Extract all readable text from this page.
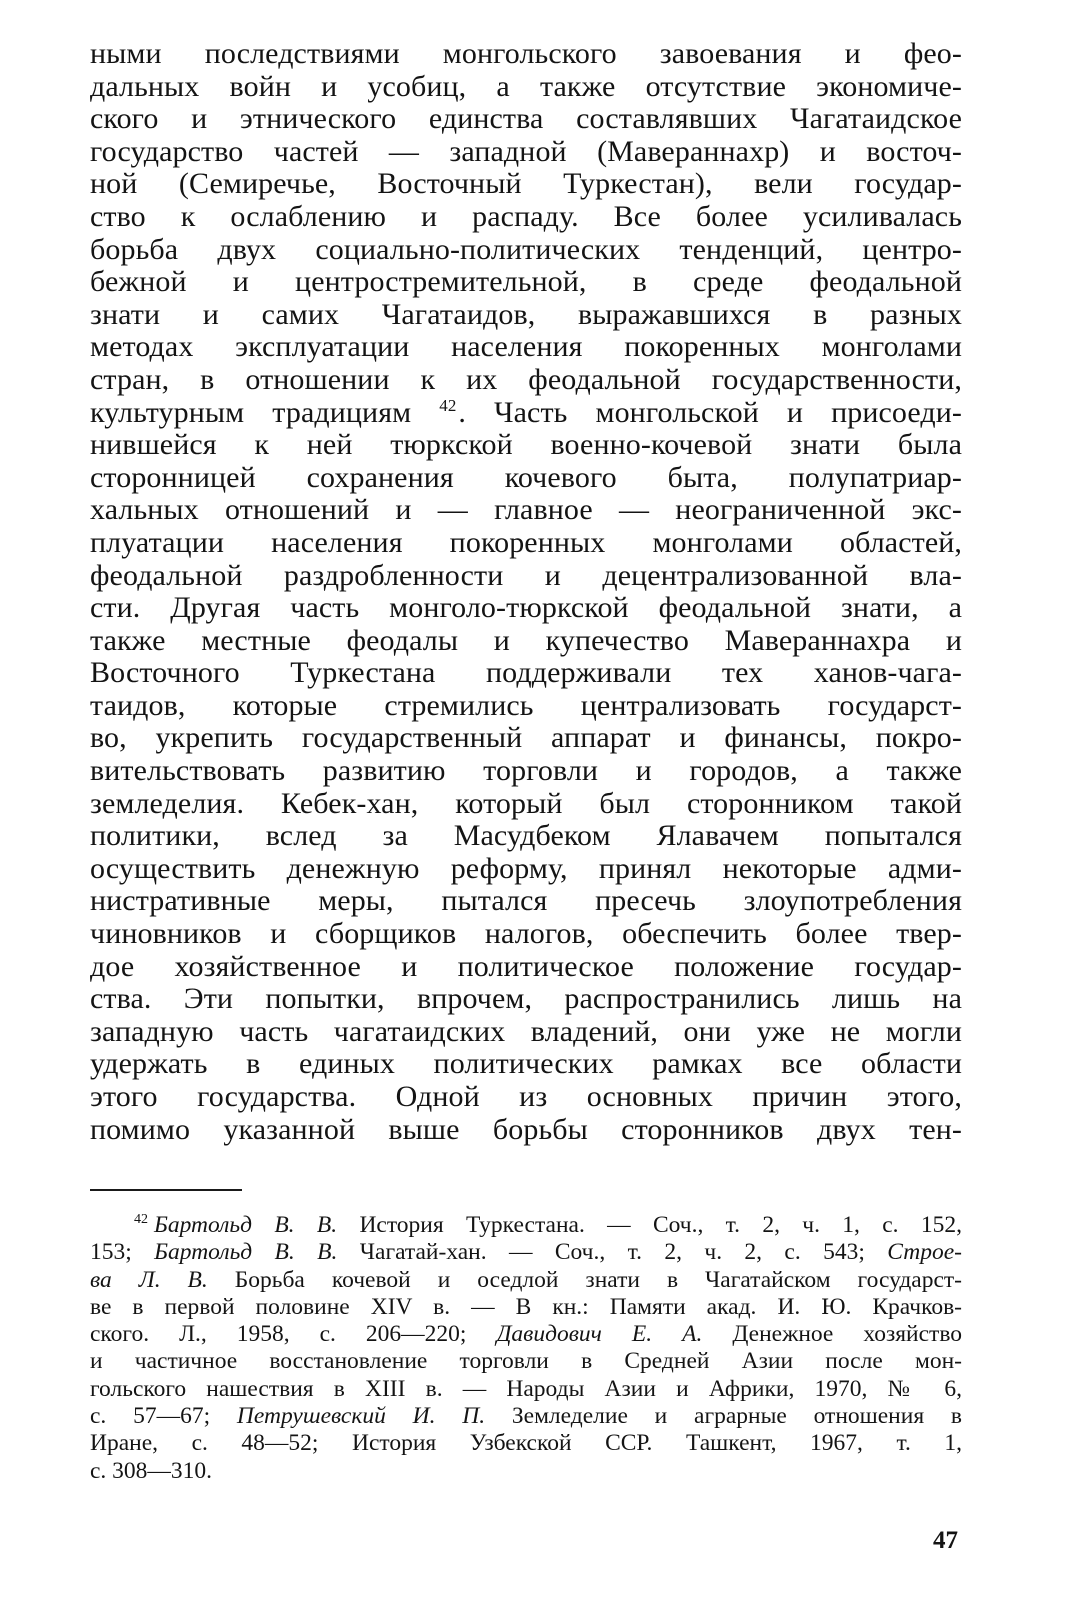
ными последствиями монгольского завоевания и фео-
дальных войн и усобиц, а также отсутствие экономиче-
ского и этнического единства составлявших Чагатаидское
государство частей — западной (Мавераннахр) и восточ-
ной (Семиречье, Восточный Туркестан), вели государ-
ство к ослаблению и распаду. Все более усиливалась
борьба двух социально-политических тенденций, центро-
бежной и центростремительной, в среде феодальной
знати и самих Чагатаидов, выражавшихся в разных
методах эксплуатации населения покоренных монголами
стран, в отношении к их феодальной государственности,
культурным традициям $^{42}$. Часть монгольской и присоеди-
нившейся к ней тюркской военно-кочевой знати была
сторонницей сохранения кочевого быта, полупатриар-
хальных отношений и — главное — неограниченной экс-
плуатации населения покоренных монголами областей,
феодальной раздробленности и децентрализованной вла-
сти. Другая часть монголо-тюркской феодальной знати, а
также местные феодалы и купечество Мавераннахра и
Восточного Туркестана поддерживали тех ханов-чага-
таидов, которые стремились централизовать государст-
во, укрепить государственный аппарат и финансы, покро-
вительствовать развитию торговли и городов, а также
земледелия. Кебек-хан, который был сторонником такой
политики, вслед за Масудбеком Ялавачем попытался
осуществить денежную реформу, принял некоторые адми-
нистративные меры, пытался пресечь злоупотребления
чиновников и сборщиков налогов, обеспечить более твер-
дое хозяйственное и политическое положение государ-
ства. Эти попытки, впрочем, распространились лишь на
западную часть чагатаидских владений, они уже не могли
удержать в единых политических рамках все области
этого государства. Одной из основных причин этого,
помимо указанной выше борьбы сторонников двух тен-
$^{42}$ Бартольд В. В. История Туркестана. — Соч., т. 2, ч. 1, с. 152,
153; Бартольд В. В. Чагатай-хан. — Соч., т. 2, ч. 2, с. 543; Строе-
ва Л. В. Борьба кочевой и оседлой знати в Чагатайском государст-
ве в первой половине XIV в. — В кн.: Памяти акад. И. Ю. Крачков-
ского. Л., 1958, с. 206—220; Давидович Е. А. Денежное хозяйство
и частичное восстановление торговли в Средней Азии после мон-
гольского нашествия в XIII в. — Народы Азии и Африки, 1970, № 6,
с. 57—67; Петрушевский И. П. Земледелие и аграрные отношения в
Иране, с. 48—52; История Узбекской ССР. Ташкент, 1967, т. 1,
с. 308—310.
47
